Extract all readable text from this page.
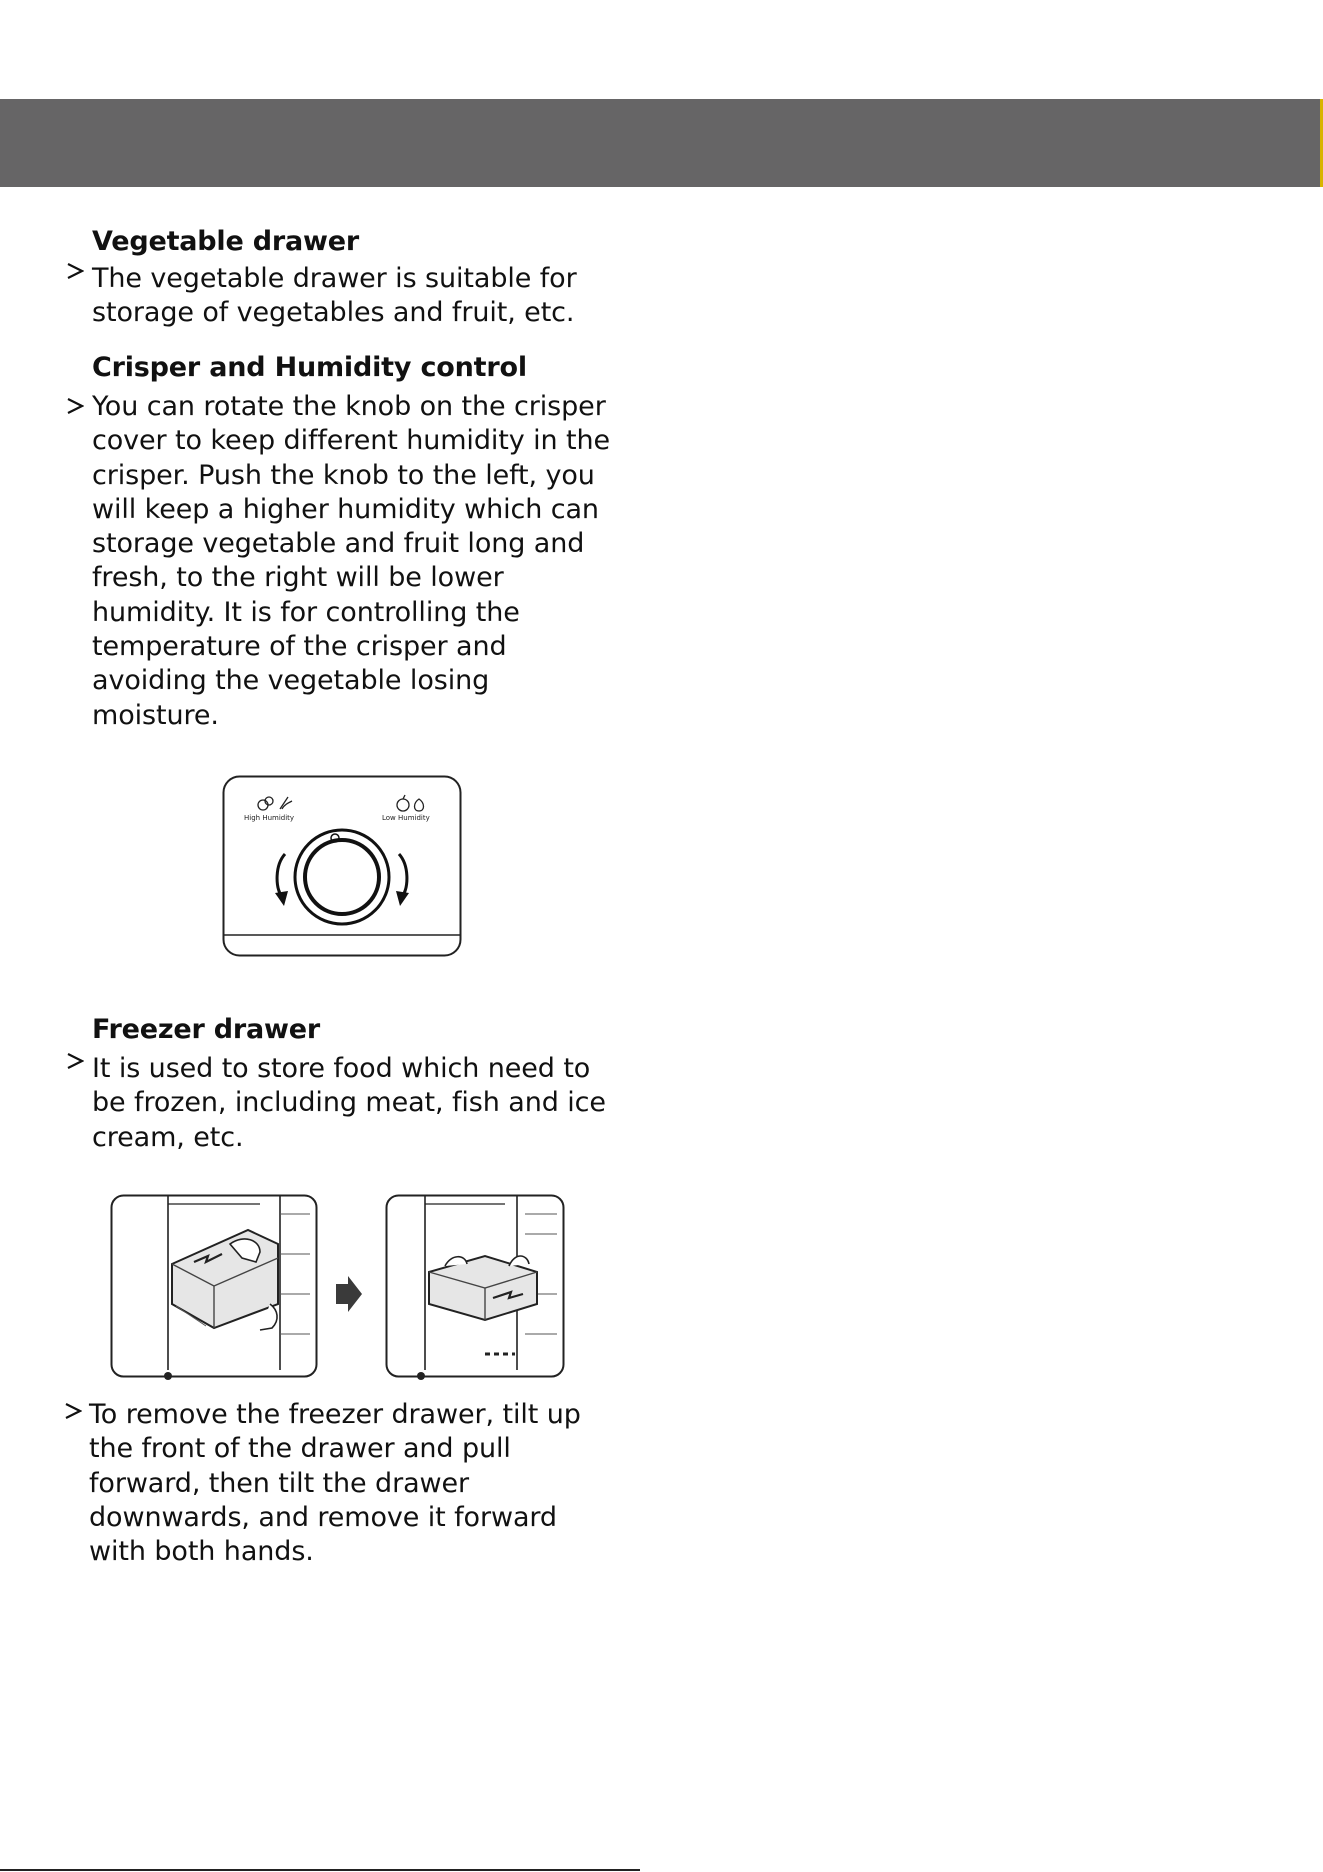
Vegetable drawer
The vegetable drawer is suitable for
storage of vegetables and fruit, etc.
Crisper and Humidity control
You can rotate the knob on the crisper
cover to keep different humidity in the
crisper. Push the knob to the left, you
will keep a higher humidity which can
storage vegetable and fruit long and
fresh, to the right will be lower
humidity. It is for controlling the
temperature of the crisper and
avoiding the vegetable losing
moisture.
High Humidity	Low Humidity
Freezer drawer
It is used to store food which need to
be frozen, including meat, fish and ice
cream, etc.
To remove the freezer drawer, tilt up
the front of the drawer and pull
forward, then tilt the drawer
downwards, and remove it forward
with both hands.
